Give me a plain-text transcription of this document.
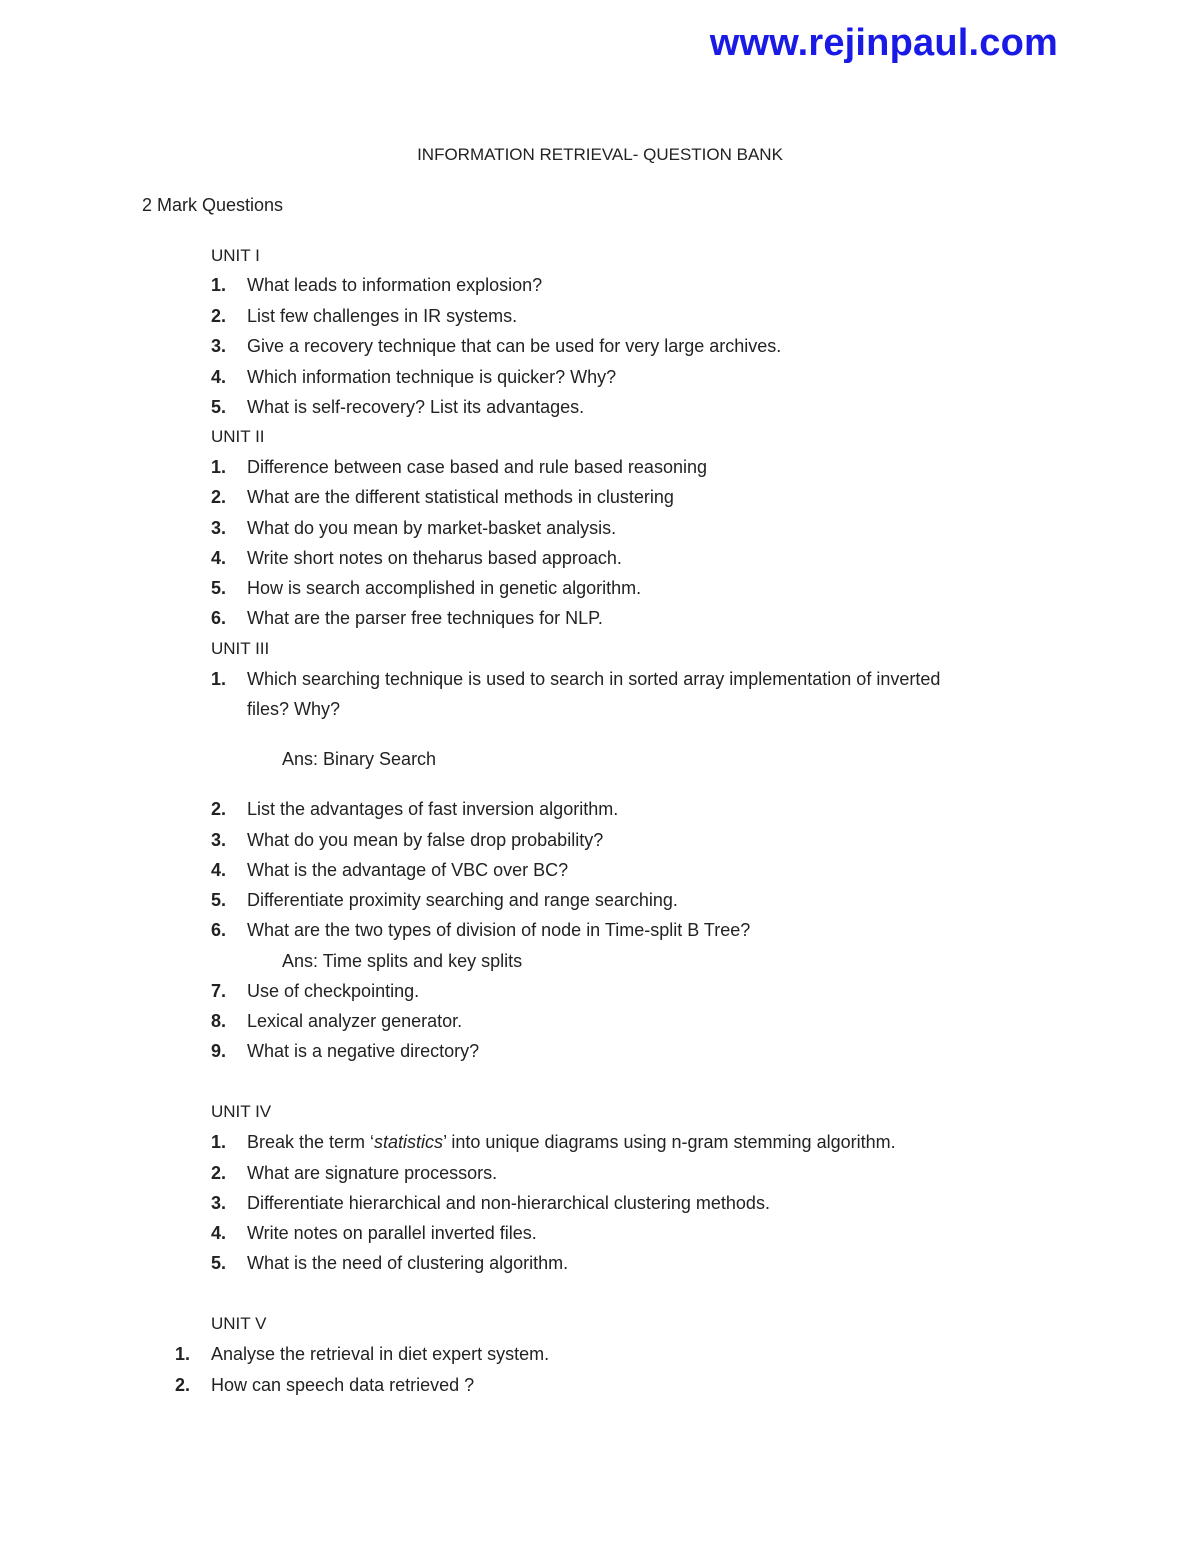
www.rejinpaul.com
INFORMATION RETRIEVAL- QUESTION BANK
2 Mark Questions
UNIT I
1. What leads to information explosion?
2. List few challenges in IR systems.
3. Give a recovery technique that can be used for very large archives.
4. Which information technique is quicker? Why?
5. What is self-recovery? List its advantages.
UNIT II
1. Difference between case based and rule based reasoning
2. What are the different statistical methods in clustering
3. What do you mean by market-basket analysis.
4. Write short notes on theharus based approach.
5. How is search accomplished in genetic algorithm.
6. What are the parser free techniques for NLP.
UNIT III
1. Which searching technique is used to search in sorted array implementation of inverted
files? Why?
Ans: Binary Search
2. List the advantages of fast inversion algorithm.
3. What do you mean by false drop probability?
4. What is the advantage of VBC over BC?
5. Differentiate proximity searching and range searching.
6. What are the two types of division of node in Time-split B Tree?
Ans: Time splits and key splits
7. Use of checkpointing.
8. Lexical analyzer generator.
9. What is a negative directory?
UNIT IV
1. Break the term ‘statistics’ into unique diagrams using n-gram stemming algorithm.
2. What are signature processors.
3. Differentiate hierarchical and non-hierarchical clustering methods.
4. Write notes on parallel inverted files.
5. What is the need of clustering algorithm.
UNIT V
1. Analyse the retrieval in diet expert system.
2. How can speech data retrieved ?
